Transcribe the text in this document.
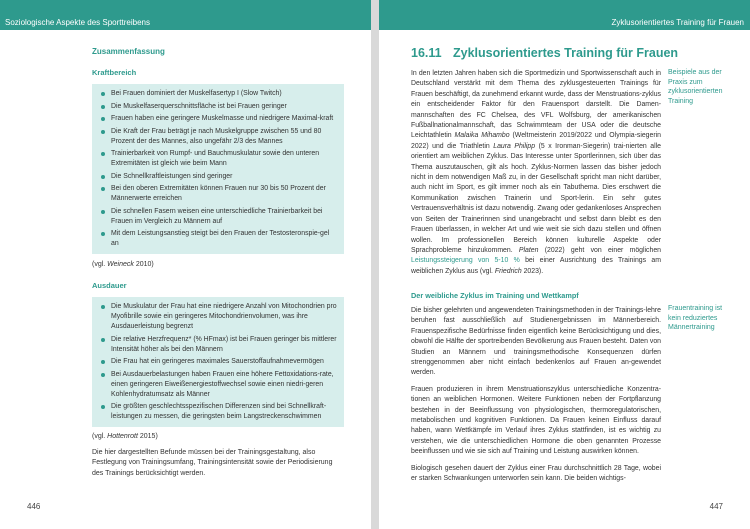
Soziologische Aspekte des Sporttreibens
Zusammenfassung
Kraftbereich
Bei Frauen dominiert der Muskelfasertyp I (Slow Twitch)
Die Muskelfaserquerschnittsfläche ist bei Frauen geringer
Frauen haben eine geringere Muskelmasse und niedrigere Maximal-kraft
Die Kraft der Frau beträgt je nach Muskelgruppe zwischen 55 und 80 Prozent der des Mannes, also ungefähr 2/3 des Mannes
Trainierbarkeit von Rumpf- und Bauchmuskulatur sowie den unteren Extremitäten ist gleich wie beim Mann
Die Schnellkraftleistungen sind geringer
Bei den oberen Extremitäten können Frauen nur 30 bis 50 Prozent der Männerwerte erreichen
Die schnellen Fasern weisen eine unterschiedliche Trainierbarkeit bei Frauen im Vergleich zu Männern auf
Mit dem Leistungsanstieg steigt bei den Frauen der Testosteronspie-gel an
(vgl. Weineck 2010)
Ausdauer
Die Muskulatur der Frau hat eine niedrigere Anzahl von Mitochondrien pro Myofibrille sowie ein geringeres Mitochondrienvolumen, was ihre Ausdauerleistung begrenzt
Die relative Herzfrequenz* (% HFmax) ist bei Frauen geringer bis mittlerer Intensität höher als bei den Männern
Die Frau hat ein geringeres maximales Sauerstoffaufnahmevermögen
Bei Ausdauerbelastungen haben Frauen eine höhere Fettoxidations-rate, einen geringeren Eiweißenergiestoffwechsel sowie einen niedri-geren Kohlenhydratumsatz als Männer
Die größten geschlechtsspezifischen Differenzen sind bei Schnellkraft-leistungen zu messen, die geringsten beim Langstreckenschwimmen
(vgl. Hottenrott 2015)
Die hier dargestellten Befunde müssen bei der Trainingsgestaltung, also Festlegung von Trainingsumfang, Trainingsintensität sowie der Periodisierung des Trainings berücksichtigt werden.
446
Zyklusorientiertes Training für Frauen
16.11 Zyklusorientiertes Training für Frauen
In den letzten Jahren haben sich die Sportmedizin und Sportwissenschaft auch in Deutschland verstärkt mit dem Thema des zyklusgesteuerten Trainings für Frauen beschäftigt, da zunehmend erkannt wurde, dass der Menstruations-zyklus ein entscheidender Faktor für den Frauensport darstellt. Die Damen-mannschaften des FC Chelsea, des VFL Wolfsburg, der amerikanischen Fußballnationalmannschaft, das Schwimmteam der USA oder die deutsche Leichtathletin Malaika Mihambo (Weltmeisterin 2019/2022 und Olympia-siegerin 2022) und die Triathletin Laura Philipp (5 x Ironman-Siegerin) trai-nierten alle orientiert am weiblichen Zyklus. Das Interesse unter Sportlerinnen, sich über das Thema auszutauschen, gilt als hoch. Zyklus-Normen lassen das bisher jedoch nicht in dem notwendigen Maß zu, in der Gesellschaft spricht man nicht darüber, auch nicht im Sport, es gilt immer noch als ein Tabuthema. Dies erschwert die Kommunikation zwischen Trainerin und Sport-lerin. Ein sehr gutes Vertrauensverhältnis ist dazu notwendig. Zwang oder gedankenloses Ansprechen von Seiten der Trainerinnen sind unangebracht und selbst dann bleibt es den Frauen überlassen, in welcher Art und wie weit sie sich dazu stellen und öffnen wollen. Im professionellen Bereich können kulturelle Aspekte oder Sprachprobleme hinzukommen. Platen (2022) geht von einer möglichen Leistungssteigerung von 5-10 % bei einer Ausrichtung des Trainings am weiblichen Zyklus aus (vgl. Friedrich 2023).
Beispiele aus der Praxis zum zyklusorientierten Training
Der weibliche Zyklus im Training und Wettkampf
Frauentraining ist kein reduziertes Männertraining
Die bisher gelehrten und angewendeten Trainingsmethoden in der Trainings-lehre beruhen fast ausschließlich auf Studienergebnissen im Männerbereich. Frauenspezifische Bedürfnisse finden eigentlich keine Berücksichtigung und dies, obwohl die Hälfte der sportreibenden Bevölkerung aus Frauen besteht. Daten von Studien an Männern und trainingsmethodische Konsequenzen dürfen strenggenommen aber nicht einfach bedenkenlos auf Frauen an-gewendet werden.
Frauen produzieren in ihrem Menstruationszyklus unterschiedliche Konzentra-tionen an weiblichen Hormonen. Weitere Funktionen neben der Fortpflanzung bestehen in der Beeinflussung von physiologischen, thermoregulatorischen, metabolischen und kognitiven Funktionen. Da Frauen keinen Einfluss darauf haben, wann Wettkämpfe im Verlauf ihres Zyklus stattfinden, ist es wichtig zu verstehen, wie die unterschiedlichen Hormone die oben genannten Prozesse beeinflussen und wie sie sich auf Training und Leistung auswirken können.
Biologisch gesehen dauert der Zyklus einer Frau durchschnittlich 28 Tage, wobei er starken Schwankungen unterworfen sein kann. Die beiden wichtigs-
447
